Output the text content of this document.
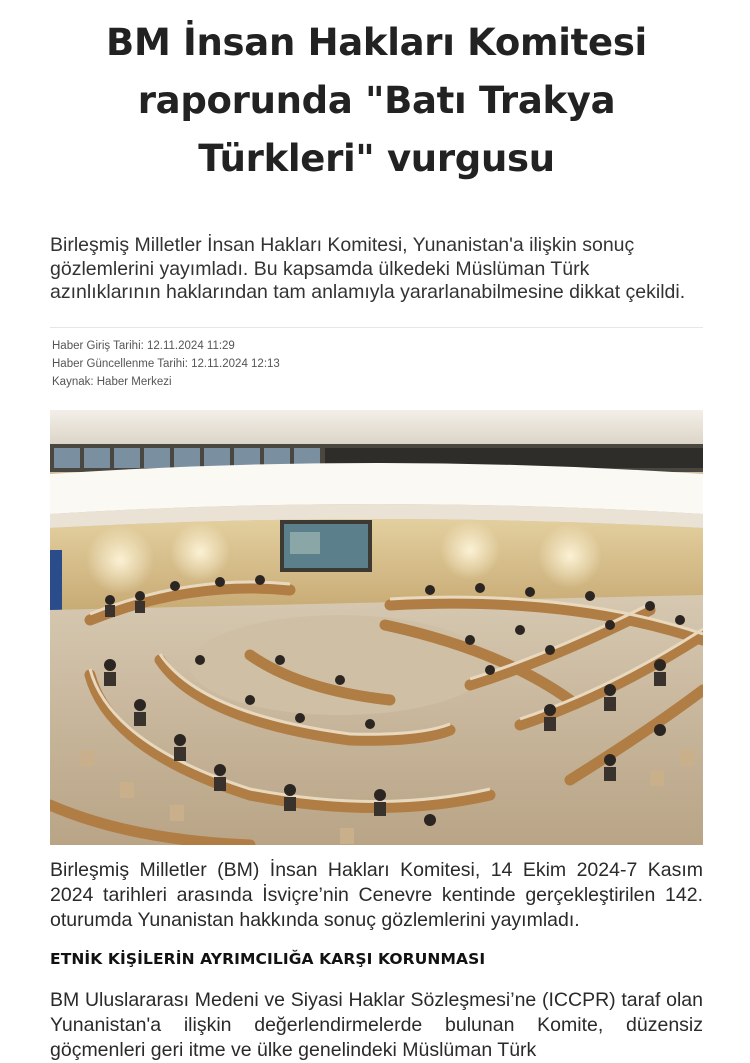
BM İnsan Hakları Komitesi raporunda "Batı Trakya Türkleri" vurgusu

Birleşmiş Milletler İnsan Hakları Komitesi, Yunanistan'a ilişkin sonuç gözlemlerini yayımladı. Bu kapsamda ülkedeki Müslüman Türk azınlıklarının haklarından tam anlamıyla yararlanabilmesine dikkat çekildi.

Haber Giriş Tarihi: 12.11.2024 11:29
Haber Güncellenme Tarihi: 12.11.2024 12:13
Kaynak: Haber Merkezi

Birleşmiş Milletler (BM) İnsan Hakları Komitesi, 14 Ekim 2024-7 Kasım 2024 tarihleri arasında İsviçre’nin Cenevre kentinde gerçekleştirilen 142. oturumda Yunanistan hakkında sonuç gözlemlerini yayımladı.

ETNİK KİŞİLERİN AYRIMCILIĞA KARŞI KORUNMASI

BM Uluslararası Medeni ve Siyasi Haklar Sözleşmesi’ne (ICCPR) taraf olan Yunanistan'a ilişkin değerlendirmelerde bulunan Komite, düzensiz göçmenleri geri itme ve ülke genelindeki Müslüman Türk
